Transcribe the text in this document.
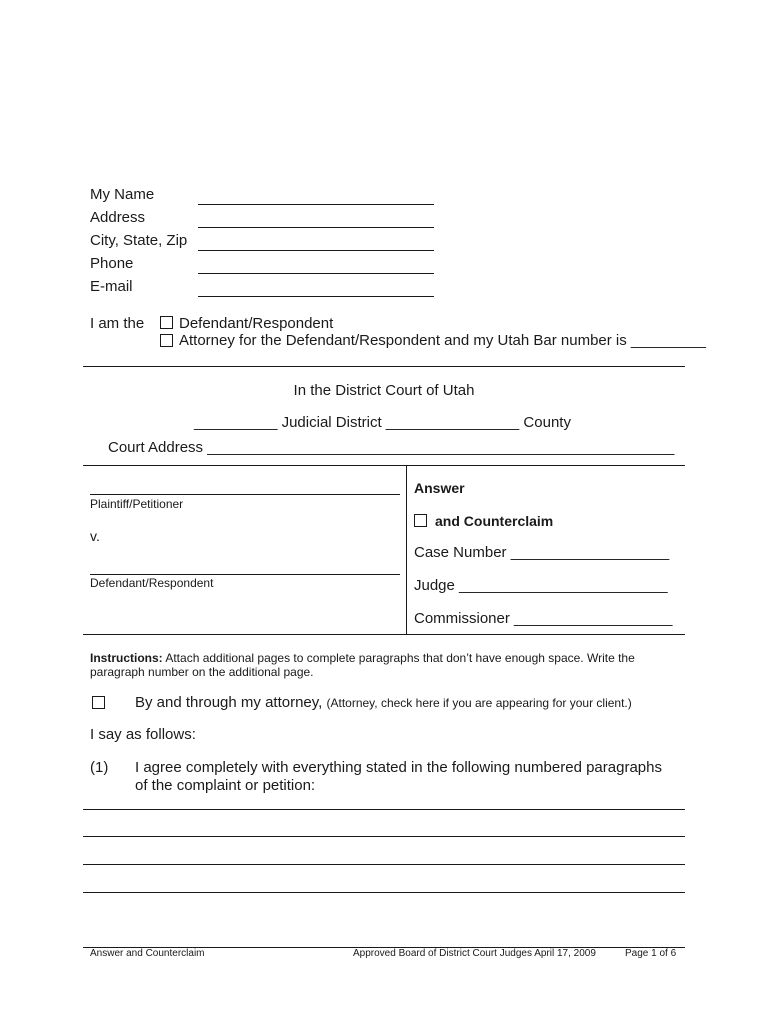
My Name
Address
City, State, Zip
Phone
E-mail
I am the Defendant/Respondent
Attorney for the Defendant/Respondent and my Utah Bar number is _________
In the District Court of Utah
__________ Judicial District ________________ County
Court Address ________________________________________________________
Plaintiff/Petitioner
v.
Defendant/Respondent
Answer
and Counterclaim
Case Number ___________________
Judge _________________________
Commissioner ___________________
Instructions: Attach additional pages to complete paragraphs that don’t have enough space. Write the paragraph number on the additional page.
By and through my attorney, (Attorney, check here if you are appearing for your client.)
I say as follows:
(1) I agree completely with everything stated in the following numbered paragraphs of the complaint or petition:
Answer and Counterclaim	Approved Board of District Court Judges April 17, 2009	Page 1 of 6
